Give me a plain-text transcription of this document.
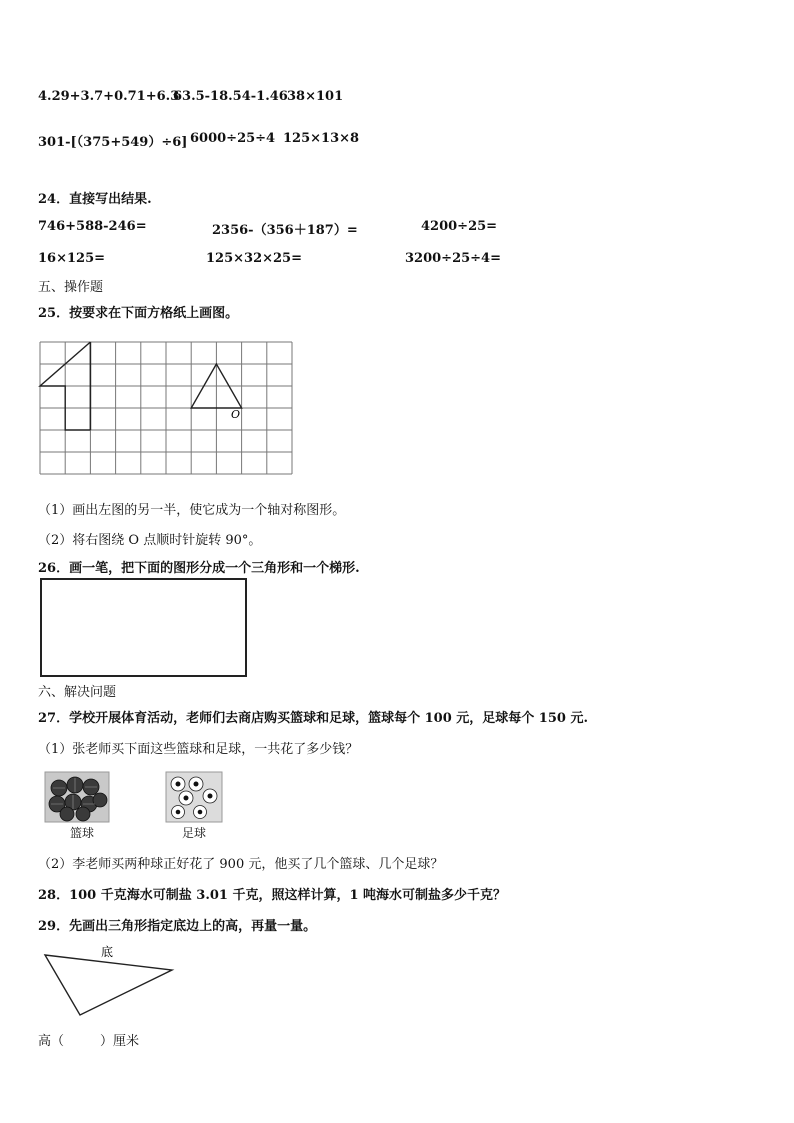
4.29+3.7+0.71+6.3
63.5-18.54-1.46 38×101
301-[（375+549）÷6] 6000÷25÷4 125×13×8
24．直接写出结果.
746+588-246=	2356-（356＋187）=	4200÷25=
16×125=	125×32×25=	3200÷25÷4=
五、操作题
25．按要求在下面方格纸上画图。
O
（1）画出左图的另一半，使它成为一个轴对称图形。
（2）将右图绕 O 点顺时针旋转 90°。
26．画一笔，把下面的图形分成一个三角形和一个梯形.
六、解决问题
27．学校开展体育活动，老师们去商店购买篮球和足球，篮球每个 100 元，足球每个 150 元.
（1）张老师买下面这些篮球和足球，一共花了多少钱？
篮球	足球
（2）李老师买两种球正好花了 900 元，他买了几个篮球、几个足球？
28．100 千克海水可制盐 3.01 千克，照这样计算，1 吨海水可制盐多少千克？
29．先画出三角形指定底边上的高，再量一量。
底
高（	）厘米
